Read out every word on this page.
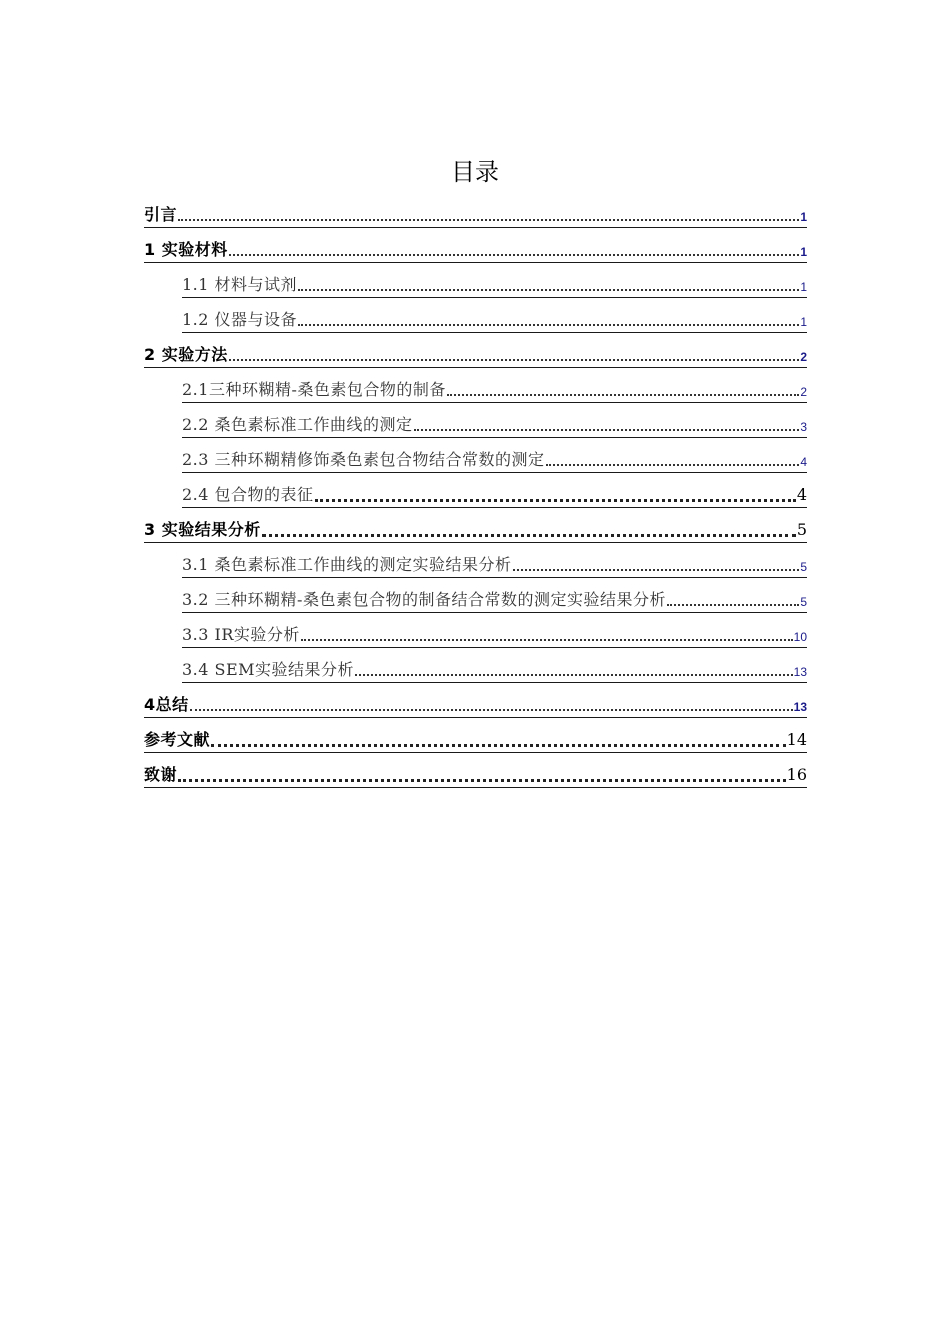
目录
引言	1
1 实验材料	1
1.1 材料与试剂	1
1.2 仪器与设备	1
2 实验方法	2
2.1三种环糊精-桑色素包合物的制备	2
2.2 桑色素标准工作曲线的测定	3
2.3 三种环糊精修饰桑色素包合物结合常数的测定	4
2.4 包合物的表征	4
3 实验结果分析	5
3.1 桑色素标准工作曲线的测定实验结果分析	5
3.2 三种环糊精-桑色素包合物的制备结合常数的测定实验结果分析	5
3.3 IR实验分析	10
3.4 SEM实验结果分析	13
4总结	13
参考文献	14
致谢	16
